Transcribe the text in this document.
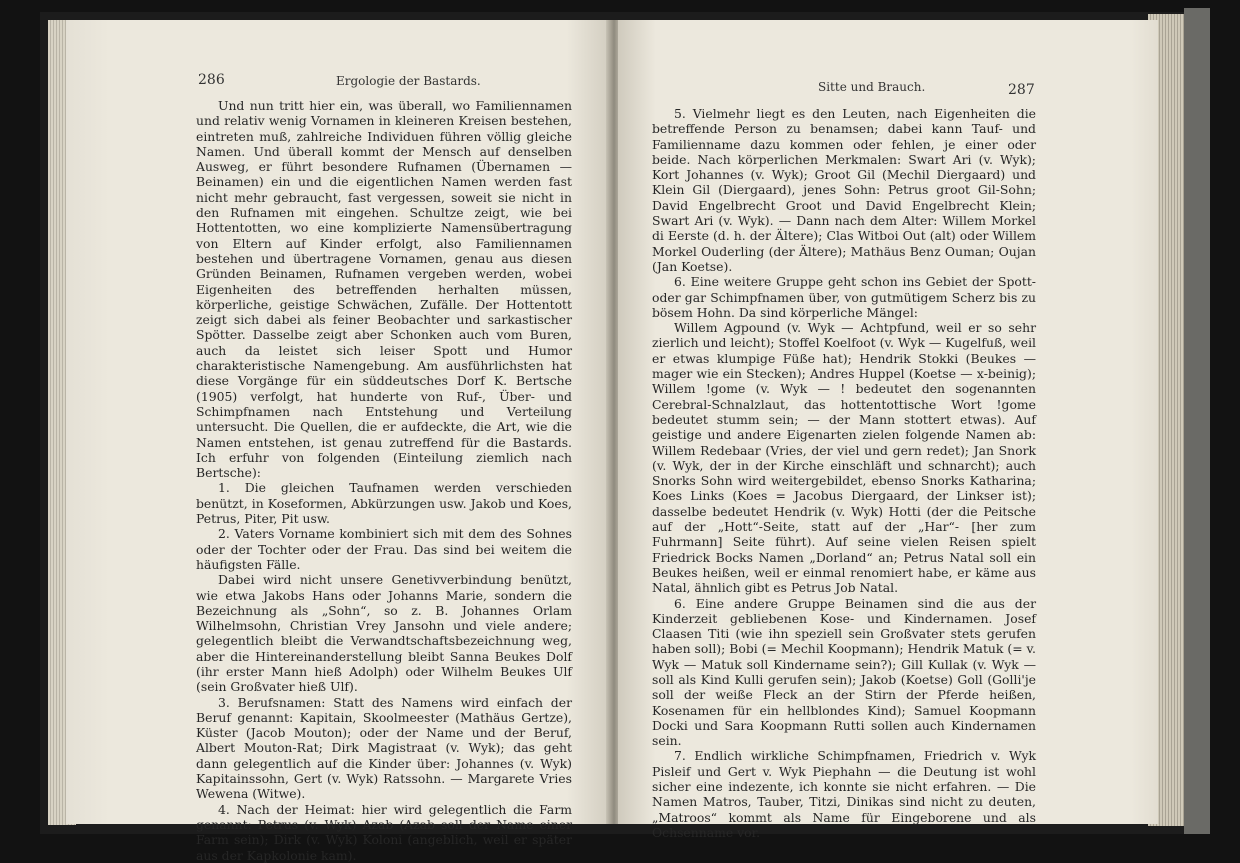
286	Ergologie der Bastards.

Und nun tritt hier ein, was überall, wo Familiennamen und relativ wenig Vornamen in kleineren Kreisen bestehen, eintreten muß, zahlreiche Individuen führen völlig gleiche Namen. Und überall kommt der Mensch auf denselben Ausweg, er führt besondere Rufnamen (Übernamen — Beinamen) ein und die eigentlichen Namen werden fast nicht mehr gebraucht, fast vergessen, soweit sie nicht in den Rufnamen mit eingehen. Schultze zeigt, wie bei Hottentotten, wo eine komplizierte Namensübertragung von Eltern auf Kinder erfolgt, also Familiennamen bestehen und übertragene Vornamen, genau aus diesen Gründen Beinamen, Rufnamen vergeben werden, wobei Eigenheiten des betreffenden herhalten müssen, körperliche, geistige Schwächen, Zufälle. Der Hottentott zeigt sich dabei als feiner Beobachter und sarkastischer Spötter. Dasselbe zeigt aber Schonken auch vom Buren, auch da leistet sich leiser Spott und Humor charakteristische Namengebung. Am ausführlichsten hat diese Vorgänge für ein süddeutsches Dorf K. Bertsche (1905) verfolgt, hat hunderte von Ruf-, Über- und Schimpfnamen nach Entstehung und Verteilung untersucht. Die Quellen, die er aufdeckte, die Art, wie die Namen entstehen, ist genau zutreffend für die Bastards. Ich erfuhr von folgenden (Einteilung ziemlich nach Bertsche):

1. Die gleichen Taufnamen werden verschieden benützt, in Koseformen, Abkürzungen usw. Jakob und Koes, Petrus, Piter, Pit usw.

2. Vaters Vorname kombiniert sich mit dem des Sohnes oder der Tochter oder der Frau. Das sind bei weitem die häufigsten Fälle.

Dabei wird nicht unsere Genetivverbindung benützt, wie etwa Jakobs Hans oder Johanns Marie, sondern die Bezeichnung als „Sohn“, so z. B. Johannes Orlam Wilhelmsohn, Christian Vrey Jansohn und viele andere; gelegentlich bleibt die Verwandtschaftsbezeichnung weg, aber die Hintereinanderstellung bleibt Sanna Beukes Dolf (ihr erster Mann hieß Adolph) oder Wilhelm Beukes Ulf (sein Großvater hieß Ulf).

3. Berufsnamen: Statt des Namens wird einfach der Beruf genannt: Kapitain, Skoolmeester (Mathäus Gertze), Küster (Jacob Mouton); oder der Name und der Beruf, Albert Mouton-Rat; Dirk Magistraat (v. Wyk); das geht dann gelegentlich auf die Kinder über: Johannes (v. Wyk) Kapitainssohn, Gert (v. Wyk) Ratssohn. — Margarete Vries Wewena (Witwe).

4. Nach der Heimat: hier wird gelegentlich die Farm genannt: Petrus (v. Wyk) Azab (Azab soll der Name einer Farm sein); Dirk (v. Wyk) Koloni (angeblich, weil er später aus der Kapkolonie kam).

Sitte und Brauch.	287

5. Vielmehr liegt es den Leuten, nach Eigenheiten die betreffende Person zu benamsen; dabei kann Tauf- und Familienname dazu kommen oder fehlen, je einer oder beide. Nach körperlichen Merkmalen: Swart Ari (v. Wyk); Kort Johannes (v. Wyk); Groot Gil (Mechil Diergaard) und Klein Gil (Diergaard), jenes Sohn: Petrus groot Gil-Sohn; David Engelbrecht Groot und David Engelbrecht Klein; Swart Ari (v. Wyk). — Dann nach dem Alter: Willem Morkel di Eerste (d. h. der Ältere); Clas Witboi Out (alt) oder Willem Morkel Ouderling (der Ältere); Mathäus Benz Ouman; Oujan (Jan Koetse).

6. Eine weitere Gruppe geht schon ins Gebiet der Spott- oder gar Schimpfnamen über, von gutmütigem Scherz bis zu bösem Hohn. Da sind körperliche Mängel:

Willem Agpound (v. Wyk — Achtpfund, weil er so sehr zierlich und leicht); Stoffel Koelfoot (v. Wyk — Kugelfuß, weil er etwas klumpige Füße hat); Hendrik Stokki (Beukes — mager wie ein Stecken); Andres Huppel (Koetse — x-beinig); Willem !gome (v. Wyk — ! bedeutet den sogenannten Cerebral-Schnalzlaut, das hottentottische Wort !gome bedeutet stumm sein; — der Mann stottert etwas). Auf geistige und andere Eigenarten zielen folgende Namen ab: Willem Redebaar (Vries, der viel und gern redet); Jan Snork (v. Wyk, der in der Kirche einschläft und schnarcht); auch Snorks Sohn wird weitergebildet, ebenso Snorks Katharina; Koes Links (Koes = Jacobus Diergaard, der Linkser ist); dasselbe bedeutet Hendrik (v. Wyk) Hotti (der die Peitsche auf der „Hott“-Seite, statt auf der „Har“- [her zum Fuhrmann] Seite führt). Auf seine vielen Reisen spielt Friedrick Bocks Namen „Dorland“ an; Petrus Natal soll ein Beukes heißen, weil er einmal renomiert habe, er käme aus Natal, ähnlich gibt es Petrus Job Natal.

6. Eine andere Gruppe Beinamen sind die aus der Kinderzeit gebliebenen Kose- und Kindernamen. Josef Claasen Titi (wie ihn speziell sein Großvater stets gerufen haben soll); Bobi (= Mechil Koopmann); Hendrik Matuk (= v. Wyk — Matuk soll Kindername sein?); Gill Kullak (v. Wyk — soll als Kind Kulli gerufen sein); Jakob (Koetse) Goll (Golli'je soll der weiße Fleck an der Stirn der Pferde heißen, Kosenamen für ein hellblondes Kind); Samuel Koopmann Docki und Sara Koopmann Rutti sollen auch Kindernamen sein.

7. Endlich wirkliche Schimpfnamen, Friedrich v. Wyk Pisleif und Gert v. Wyk Piephahn — die Deutung ist wohl sicher eine indezente, ich konnte sie nicht erfahren. — Die Namen Matros, Tauber, Titzi, Dinikas sind nicht zu deuten, „Matroos“ kommt als Name für Eingeborene und als Ochsenname vor.
